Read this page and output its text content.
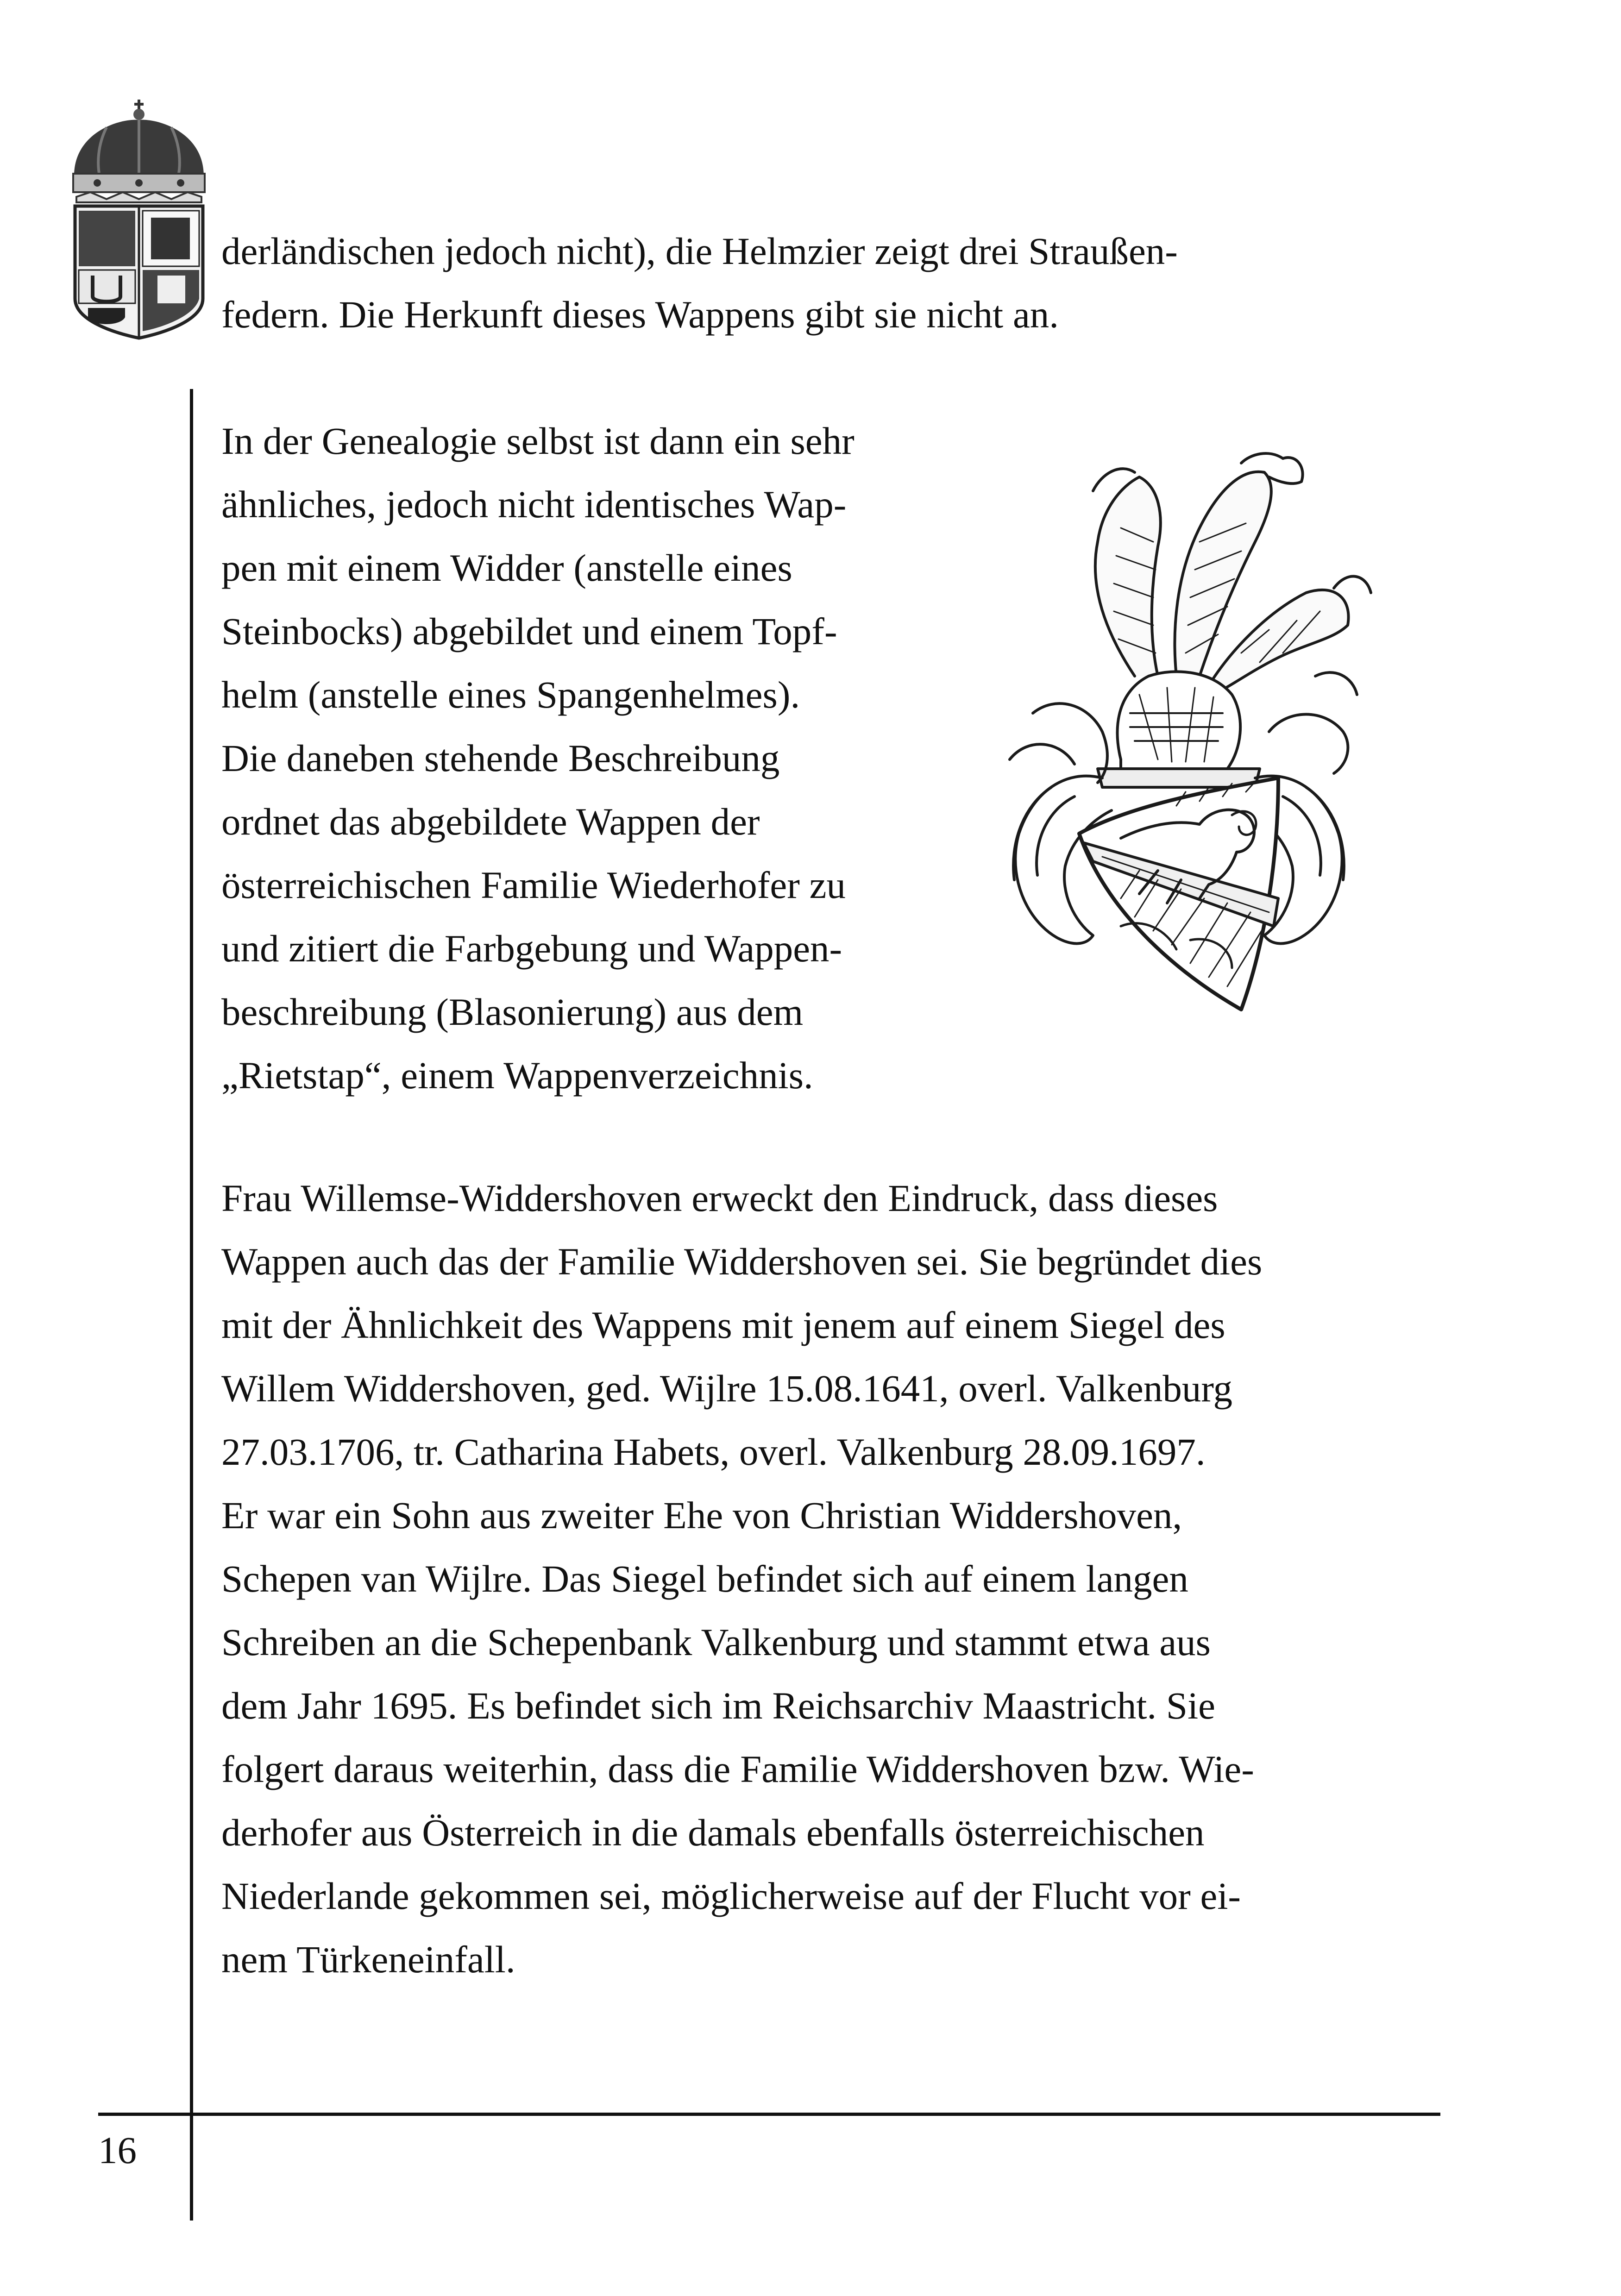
derländischen jedoch nicht), die Helmzier zeigt drei Straußen-
federn. Die Herkunft dieses Wappens gibt sie nicht an.

In der Genealogie selbst ist dann ein sehr
ähnliches, jedoch nicht identisches Wap-
pen mit einem Widder (anstelle eines
Steinbocks) abgebildet und einem Topf-
helm (anstelle eines Spangenhelmes).
Die daneben stehende Beschreibung
ordnet das abgebildete Wappen der
österreichischen Familie Wiederhofer zu
und zitiert die Farbgebung und Wappen-
beschreibung (Blasonierung) aus dem
„Rietstap“, einem Wappenverzeichnis.

Frau Willemse-Widdershoven erweckt den Eindruck, dass dieses
Wappen auch das der Familie Widdershoven sei. Sie begründet dies
mit der Ähnlichkeit des Wappens mit jenem auf einem Siegel des
Willem Widdershoven, ged. Wijlre 15.08.1641, overl. Valkenburg
27.03.1706, tr. Catharina Habets, overl. Valkenburg 28.09.1697.
Er war ein Sohn aus zweiter Ehe von Christian Widdershoven,
Schepen van Wijlre. Das Siegel befindet sich auf einem langen
Schreiben an die Schepenbank Valkenburg und stammt etwa aus
dem Jahr 1695. Es befindet sich im Reichsarchiv Maastricht. Sie
folgert daraus weiterhin, dass die Familie Widdershoven bzw. Wie-
derhofer aus Österreich in die damals ebenfalls österreichischen
Niederlande gekommen sei, möglicherweise auf der Flucht vor ei-
nem Türkeneinfall.

16
